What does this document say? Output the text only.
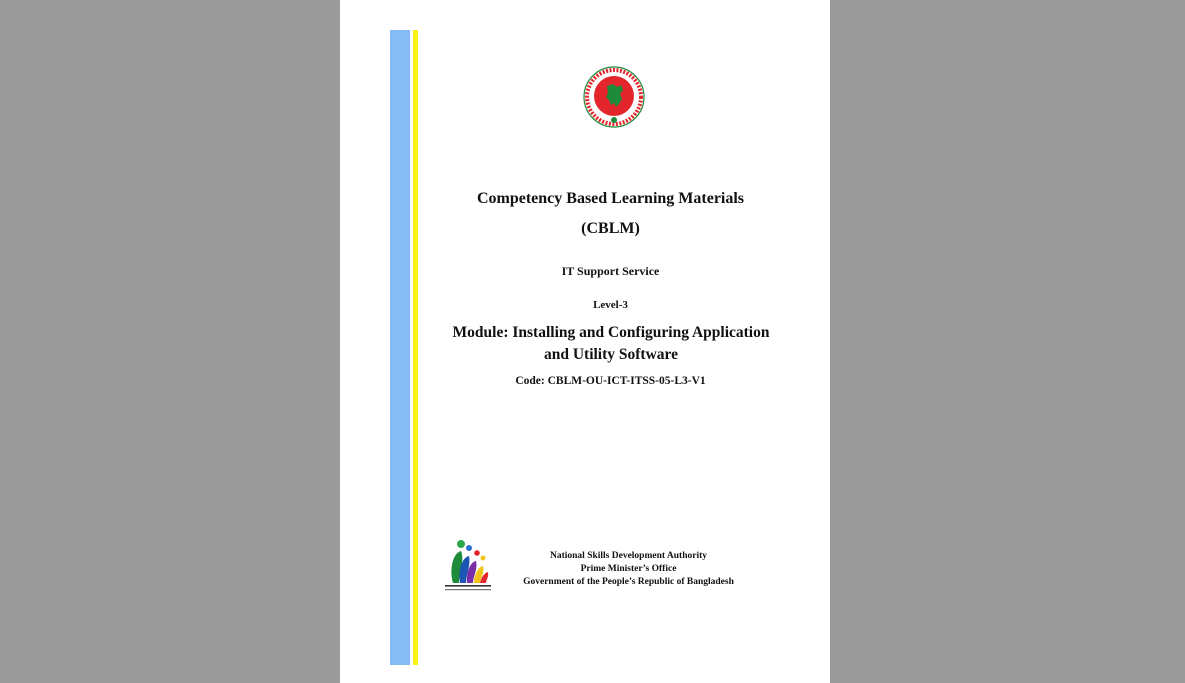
Competency Based Learning Materials
(CBLM)
IT Support Service
Level-3
Module: Installing and Configuring Application
and Utility Software
Code: CBLM-OU-ICT-ITSS-05-L3-V1
National Skills Development Authority
Prime Minister’s Office
Government of the People’s Republic of Bangladesh
